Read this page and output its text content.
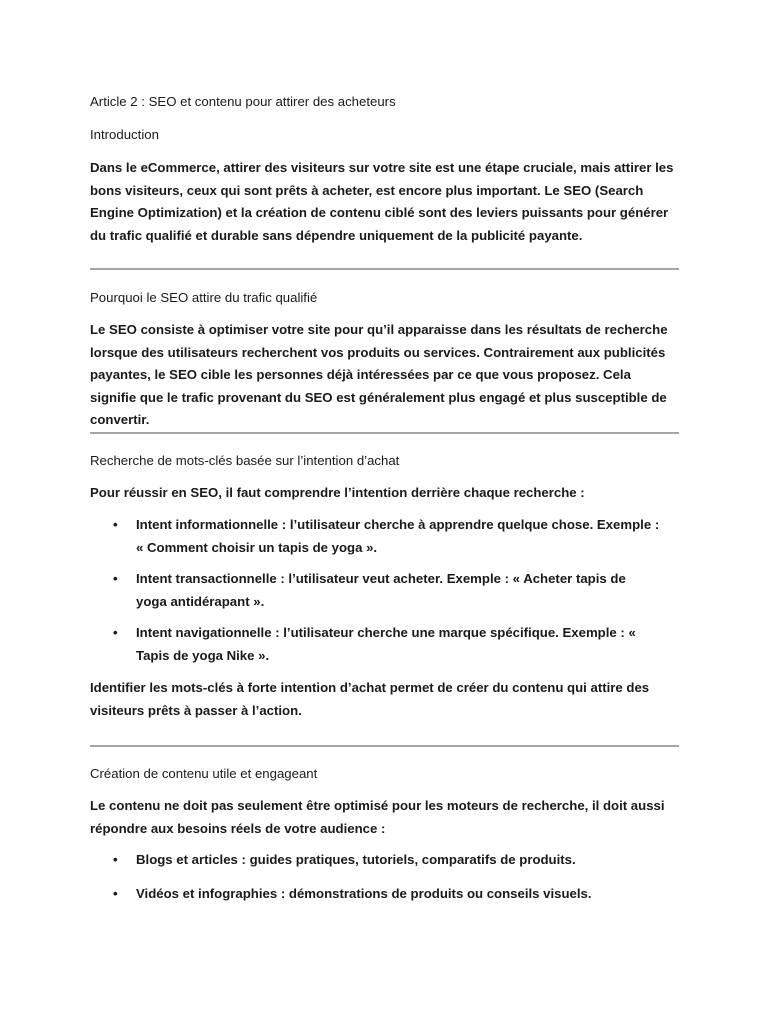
Article 2 : SEO et contenu pour attirer des acheteurs
Introduction
Dans le eCommerce, attirer des visiteurs sur votre site est une étape cruciale, mais attirer les bons visiteurs, ceux qui sont prêts à acheter, est encore plus important. Le SEO (Search Engine Optimization) et la création de contenu ciblé sont des leviers puissants pour générer du trafic qualifié et durable sans dépendre uniquement de la publicité payante.
Pourquoi le SEO attire du trafic qualifié
Le SEO consiste à optimiser votre site pour qu’il apparaisse dans les résultats de recherche lorsque des utilisateurs recherchent vos produits ou services. Contrairement aux publicités payantes, le SEO cible les personnes déjà intéressées par ce que vous proposez. Cela signifie que le trafic provenant du SEO est généralement plus engagé et plus susceptible de convertir.
Recherche de mots-clés basée sur l’intention d’achat
Pour réussir en SEO, il faut comprendre l’intention derrière chaque recherche :
• Intent informationnelle : l’utilisateur cherche à apprendre quelque chose. Exemple : « Comment choisir un tapis de yoga ».
• Intent transactionnelle : l’utilisateur veut acheter. Exemple : « Acheter tapis de yoga antidérapant ».
• Intent navigationnelle : l’utilisateur cherche une marque spécifique. Exemple : « Tapis de yoga Nike ».
Identifier les mots-clés à forte intention d’achat permet de créer du contenu qui attire des visiteurs prêts à passer à l’action.
Création de contenu utile et engageant
Le contenu ne doit pas seulement être optimisé pour les moteurs de recherche, il doit aussi répondre aux besoins réels de votre audience :
• Blogs et articles : guides pratiques, tutoriels, comparatifs de produits.
• Vidéos et infographies : démonstrations de produits ou conseils visuels.
